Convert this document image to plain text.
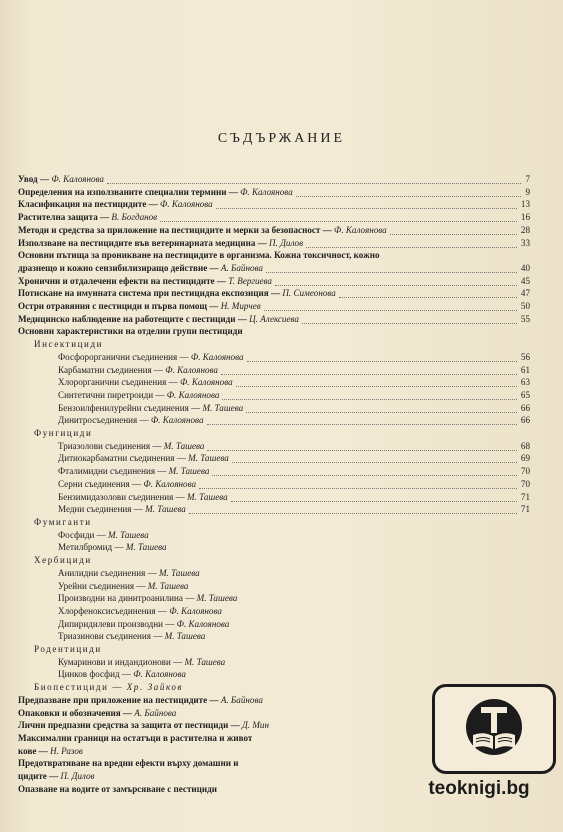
СЪДЪРЖАНИЕ
Увод — Ф. Калоянова	7
Определения на използваните специални термини — Ф. Калоянова	9
Класификация на пестицидите — Ф. Калоянова	13
Растителна защита — В. Богданов	16
Методи и средства за приложение на пестицидите и мерки за безопасност — Ф. Калоянова	28
Използване на пестицидите във ветеринарната медицина — П. Дилов	33
Основни пътища за проникване на пестицидите в организма. Кожна токсичност, кожно
дразнещо и кожно сензибилизиращо действие — А. Байнова	40
Хронични и отдалечени ефекти на пестицидите — Т. Вергиева	45
Потискане на имунната система при пестицидна експозиция — П. Симеонова	47
Остри отравяния с пестициди и първа помощ — Н. Мирчев	50
Медицинско наблюдение на работещите с пестициди — Ц. Алексиева	55
Основни характеристики на отделни групи пестициди
Инсектициди
Фосфорорганични съединения — Ф. Калоянова	56
Карбаматни съединения — Ф. Калоянова	61
Хлорорганични съединения — Ф. Калоянова	63
Синтетични пиретроиди — Ф. Калоянова	65
Бензоилфенилурейни съединения — М. Ташева	66
Динитросъединения — Ф. Калоянова	66
Фунгициди
Триазолови съединения — М. Ташева	68
Дитиокарбаматни съединения — М. Ташева	69
Фталимидни съединения — М. Ташева	70
Серни съединения — Ф. Калоянова	70
Бензимидазолови съединения — М. Ташева	71
Медни съединения — М. Ташева	71
Фумиганти
Фосфиди — М. Ташева
Метилбромид — М. Ташева
Хербициди
Анилидни съединения — М. Ташева
Урейни съединения — М. Ташева
Производни на динитроанилина — М. Ташева
Хлорфеноксисъединения — Ф. Калоянова
Дипиридилеви производни — Ф. Калоянова
Триазинови съединения — М. Ташева
Родентициди
Кумаринови и индандионови — М. Ташева
Цинков фосфид — Ф. Калоянова
Биопестициди — Хр. Зайков
Предпазване при приложение на пестицидите — А. Байнова
Опаковки и обозначения — А. Байнова
Лични предпазни средства за защита от пестициди — Д. Мин
Максимални граници на остатъци в растителна и живот
кове — Н. Разов
Предотвратяване на вредни ефекти върху домашни и
цидите — П. Дилов
Опазване на водите от замърсяване с пестициди	teoknigi.bg
